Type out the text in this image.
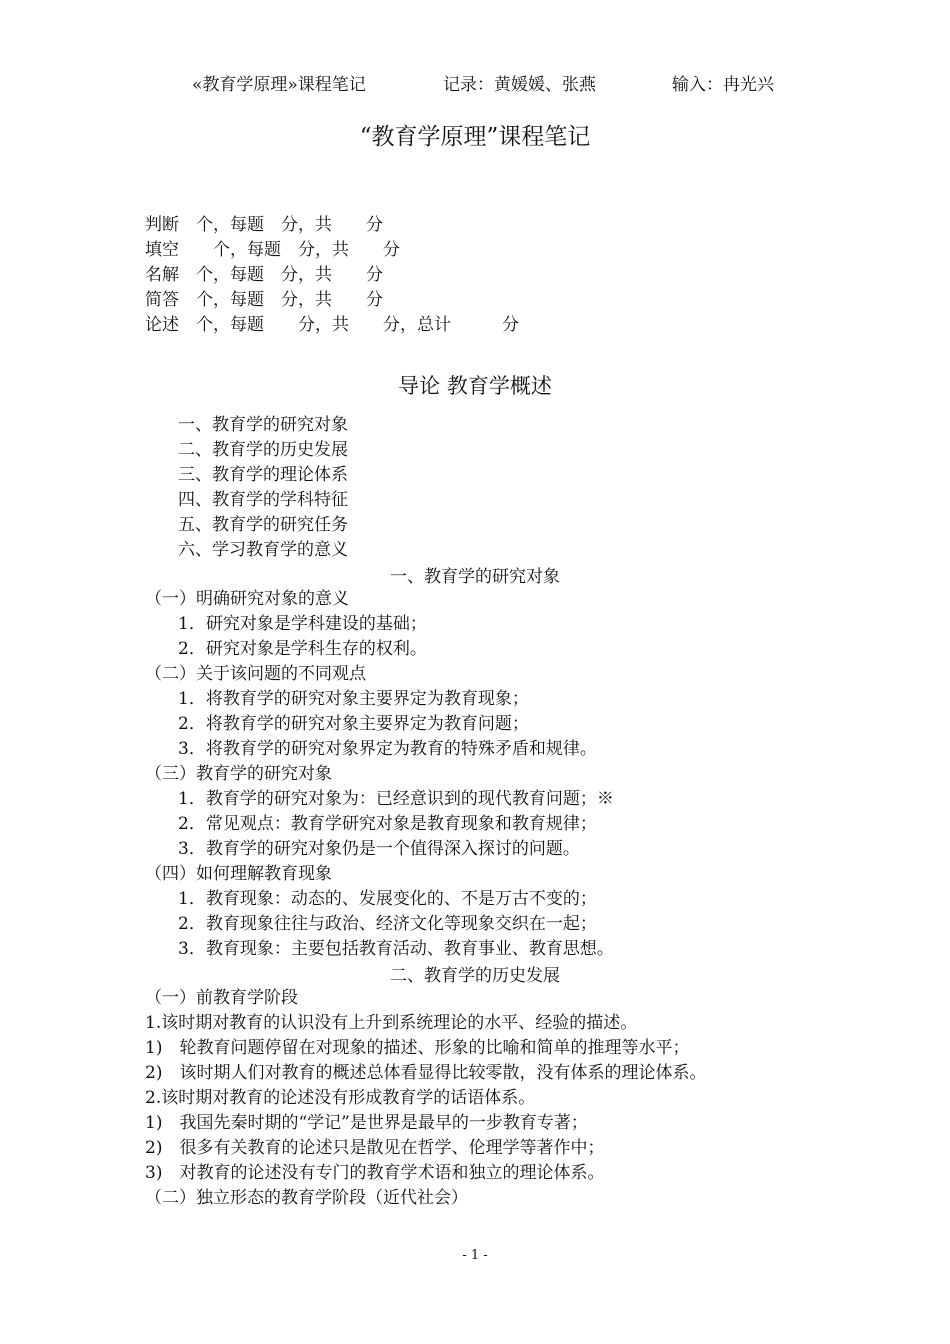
«教育学原理»课程笔记	记录：黄媛媛、张燕	输入：冉光兴
“教育学原理”课程笔记
判断　个，每题　分，共　　分
填空　　个，每题　分，共　　分
名解　个，每题　分，共　　分
简答　个，每题　分，共　　分
论述　个，每题　　分，共　　分，总计　　　分
导论 教育学概述
一、教育学的研究对象
二、教育学的历史发展
三、教育学的理论体系
四、教育学的学科特征
五、教育学的研究任务
六、学习教育学的意义
一、教育学的研究对象
（一）明确研究对象的意义
1．研究对象是学科建设的基础；
2．研究对象是学科生存的权利。
（二）关于该问题的不同观点
1．将教育学的研究对象主要界定为教育现象；
2．将教育学的研究对象主要界定为教育问题；
3．将教育学的研究对象界定为教育的特殊矛盾和规律。
（三）教育学的研究对象
1．教育学的研究对象为：已经意识到的现代教育问题；※
2．常见观点：教育学研究对象是教育现象和教育规律；
3．教育学的研究对象仍是一个值得深入探讨的问题。
（四）如何理解教育现象
1．教育现象：动态的、发展变化的、不是万古不变的；
2．教育现象往往与政治、经济文化等现象交织在一起；
3．教育现象：主要包括教育活动、教育事业、教育思想。
二、教育学的历史发展
（一）前教育学阶段
1.该时期对教育的认识没有上升到系统理论的水平、经验的描述。
1)　轮教育问题停留在对现象的描述、形象的比喻和简单的推理等水平；
2)　该时期人们对教育的概述总体看显得比较零散，没有体系的理论体系。
2.该时期对教育的论述没有形成教育学的话语体系。
1)　我国先秦时期的“学记”是世界是最早的一步教育专著；
2)　很多有关教育的论述只是散见在哲学、伦理学等著作中；
3)　对教育的论述没有专门的教育学术语和独立的理论体系。
（二）独立形态的教育学阶段（近代社会）
- 1 -
